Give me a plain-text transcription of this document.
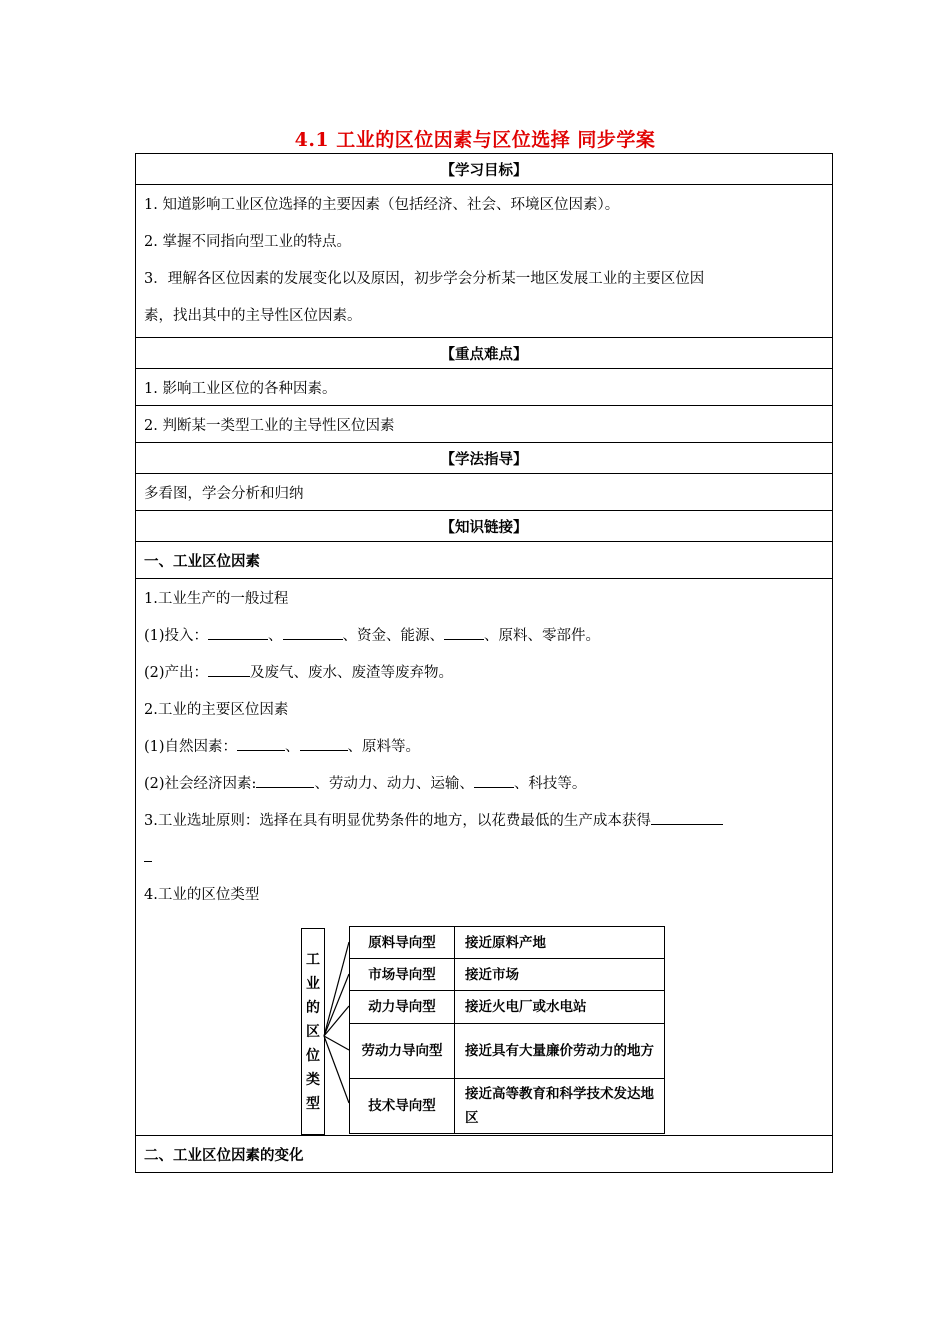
4.1 工业的区位因素与区位选择 同步学案
【学习目标】

1. 知道影响工业区位选择的主要因素（包括经济、社会、环境区位因素）。

2. 掌握不同指向型工业的特点。

3．理解各区位因素的发展变化以及原因，初步学会分析某一地区发展工业的主要区位因

素，找出其中的主导性区位因素。

【重点难点】
1. 影响工业区位的各种因素。
2. 判断某一类型工业的主导性区位因素
【学法指导】
多看图，学会分析和归纳
【知识链接】
一、工业区位因素

1.工业生产的一般过程

(1)投入：	、	、资金、能源、	、原料、零部件。

(2)产出：	及废气、废水、废渣等废弃物。

2.工业的主要区位因素

(1)自然因素：	、	、原料等。

(2)社会经济因素:	、劳动力、动力、运输、	、科技等。

3.工业选址原则：选择在具有明显优势条件的地方，以花费最低的生产成本获得

4.工业的区位类型

工
业
的
区
位
类
型
原料导向型	接近原料产地
市场导向型	接近市场
动力导向型	接近火电厂或水电站
劳动力导向型	接近具有大量廉价劳动力的地方
技术导向型	接近高等教育和科学技术发达地区

二、工业区位因素的变化
